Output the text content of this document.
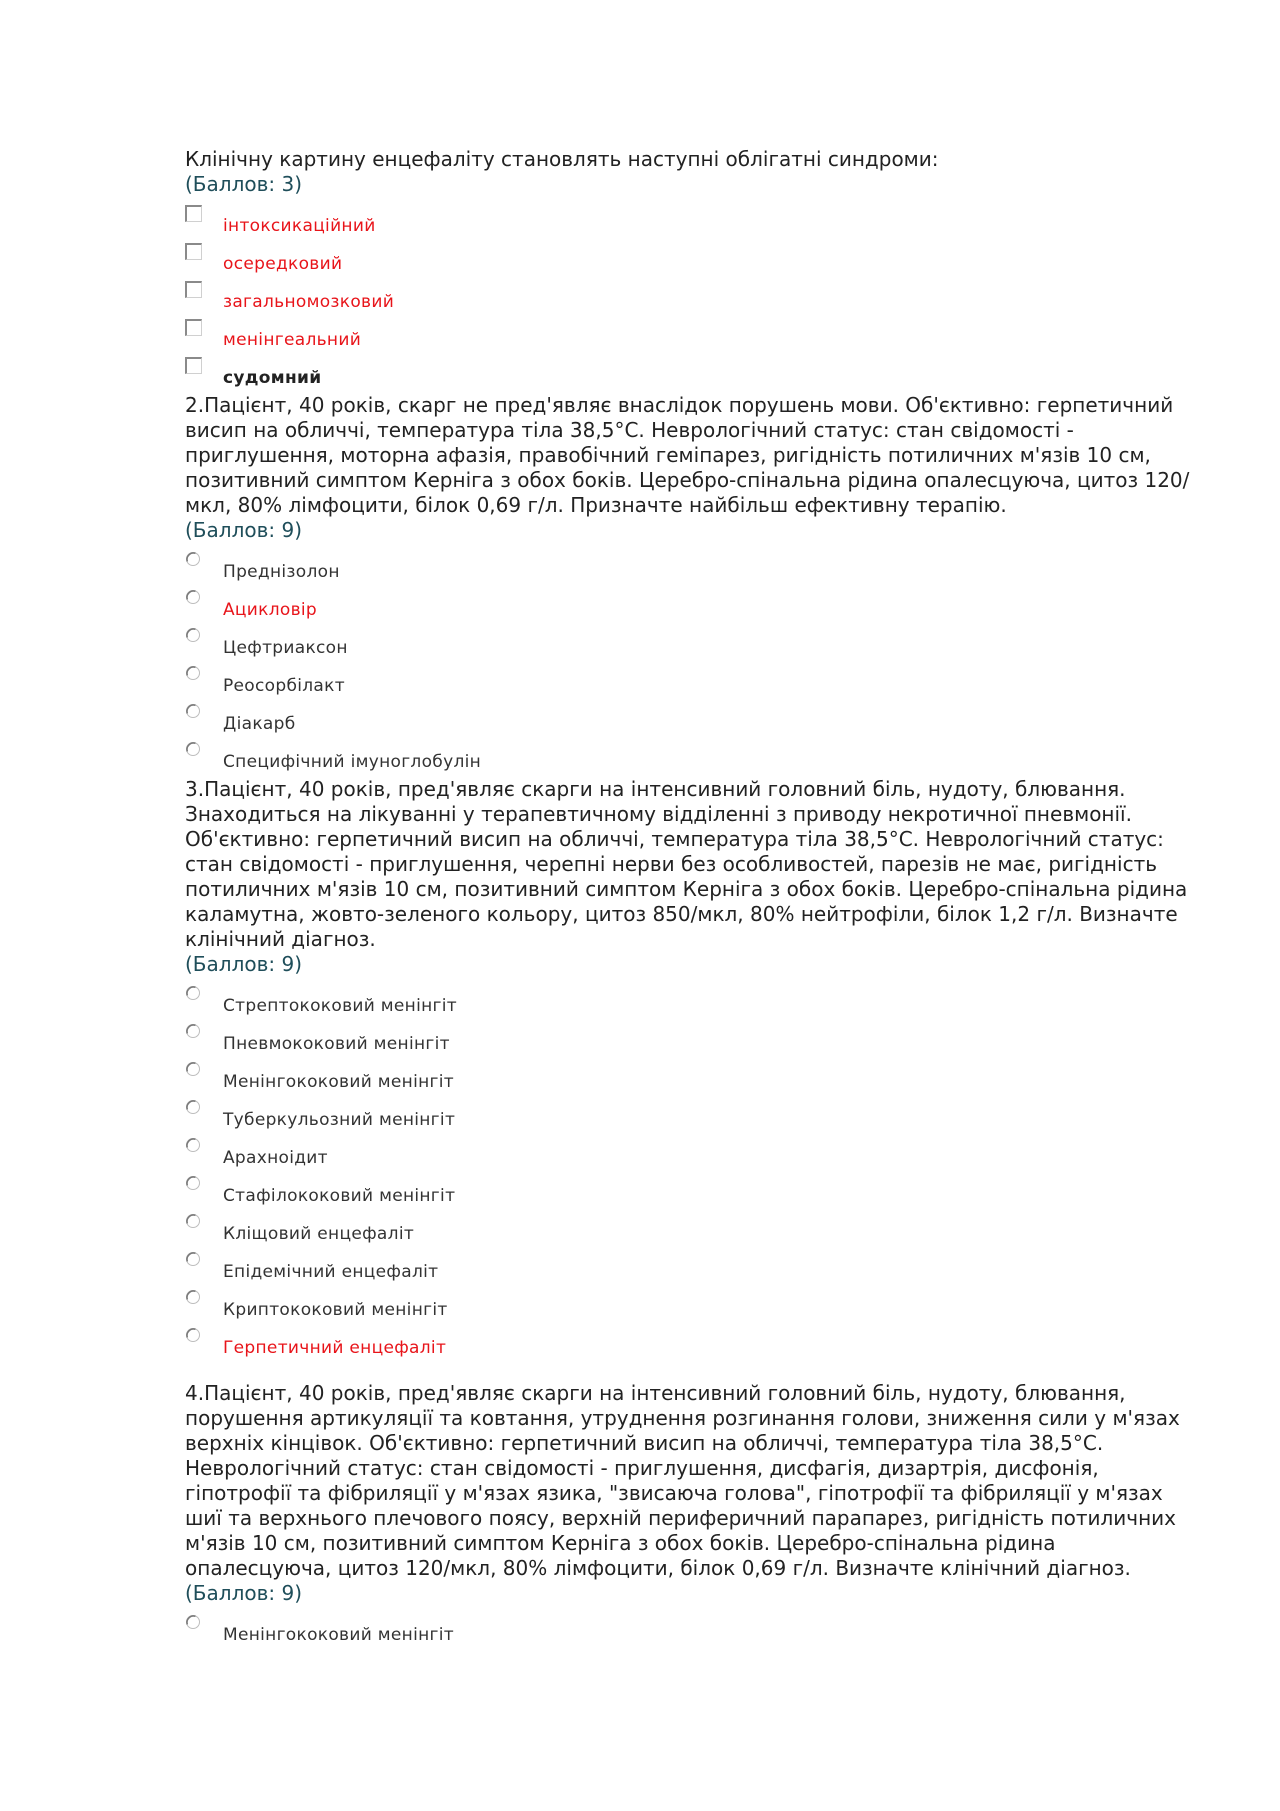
Клінічну картину енцефаліту становлять наступні облігатні синдроми:

(Баллов: 3)

інтоксикаційний
осередковий
загальномозковий
менінгеальний
судомний

2.Пацієнт, 40 років, скарг не пред'являє внаслідок порушень мови. Об'єктивно: герпетичний висип на обличчі, температура тіла 38,5°С. Неврологічний статус: стан свідомості - приглушення, моторна афазія, правобічний геміпарез, ригідність потиличних м'язів 10 см, позитивний симптом Керніга з обох боків. Церебро-спінальна рідина опалесцуюча, цитоз 120/мкл, 80% лімфоцити, білок 0,69 г/л. Призначте найбільш ефективну терапію.

(Баллов: 9)

Преднізолон
Ацикловір
Цефтриаксон
Реосорбілакт
Діакарб
Специфічний імуноглобулін

3.Пацієнт, 40 років, пред'являє скарги на інтенсивний головний біль, нудоту, блювання. Знаходиться на лікуванні у терапевтичному відділенні з приводу некротичної пневмонії. Об'єктивно: герпетичний висип на обличчі, температура тіла 38,5°С. Неврологічний статус: стан свідомості - приглушення, черепні нерви без особливостей, парезів не має, ригідність потиличних м'язів 10 см, позитивний симптом Керніга з обох боків. Церебро-спінальна рідина каламутна, жовто-зеленого кольору, цитоз 850/мкл, 80% нейтрофіли, білок 1,2 г/л. Визначте клінічний діагноз.

(Баллов: 9)

Стрептококовий менінгіт
Пневмококовий менінгіт
Менінгококовий менінгіт
Туберкульозний менінгіт
Арахноідит
Стафілококовий менінгіт
Кліщовий енцефаліт
Епідемічний енцефаліт
Криптококовий менінгіт
Герпетичний енцефаліт

4.Пацієнт, 40 років, пред'являє скарги на інтенсивний головний біль, нудоту, блювання, порушення артикуляції та ковтання, утруднення розгинання голови, зниження сили у м'язах верхніх кінцівок. Об'єктивно: герпетичний висип на обличчі, температура тіла 38,5°С. Неврологічний статус: стан свідомості - приглушення, дисфагія, дизартрія, дисфонія, гіпотрофії та фібриляції у м'язах язика, "звисаюча голова", гіпотрофії та фібриляції у м'язах шиї та верхнього плечового поясу, верхній периферичний парапарез, ригідність потиличних м'язів 10 см, позитивний симптом Керніга з обох боків. Церебро-спінальна рідина опалесцуюча, цитоз 120/мкл, 80% лімфоцити, білок 0,69 г/л. Визначте клінічний діагноз.

(Баллов: 9)

Менінгококовий менінгіт
